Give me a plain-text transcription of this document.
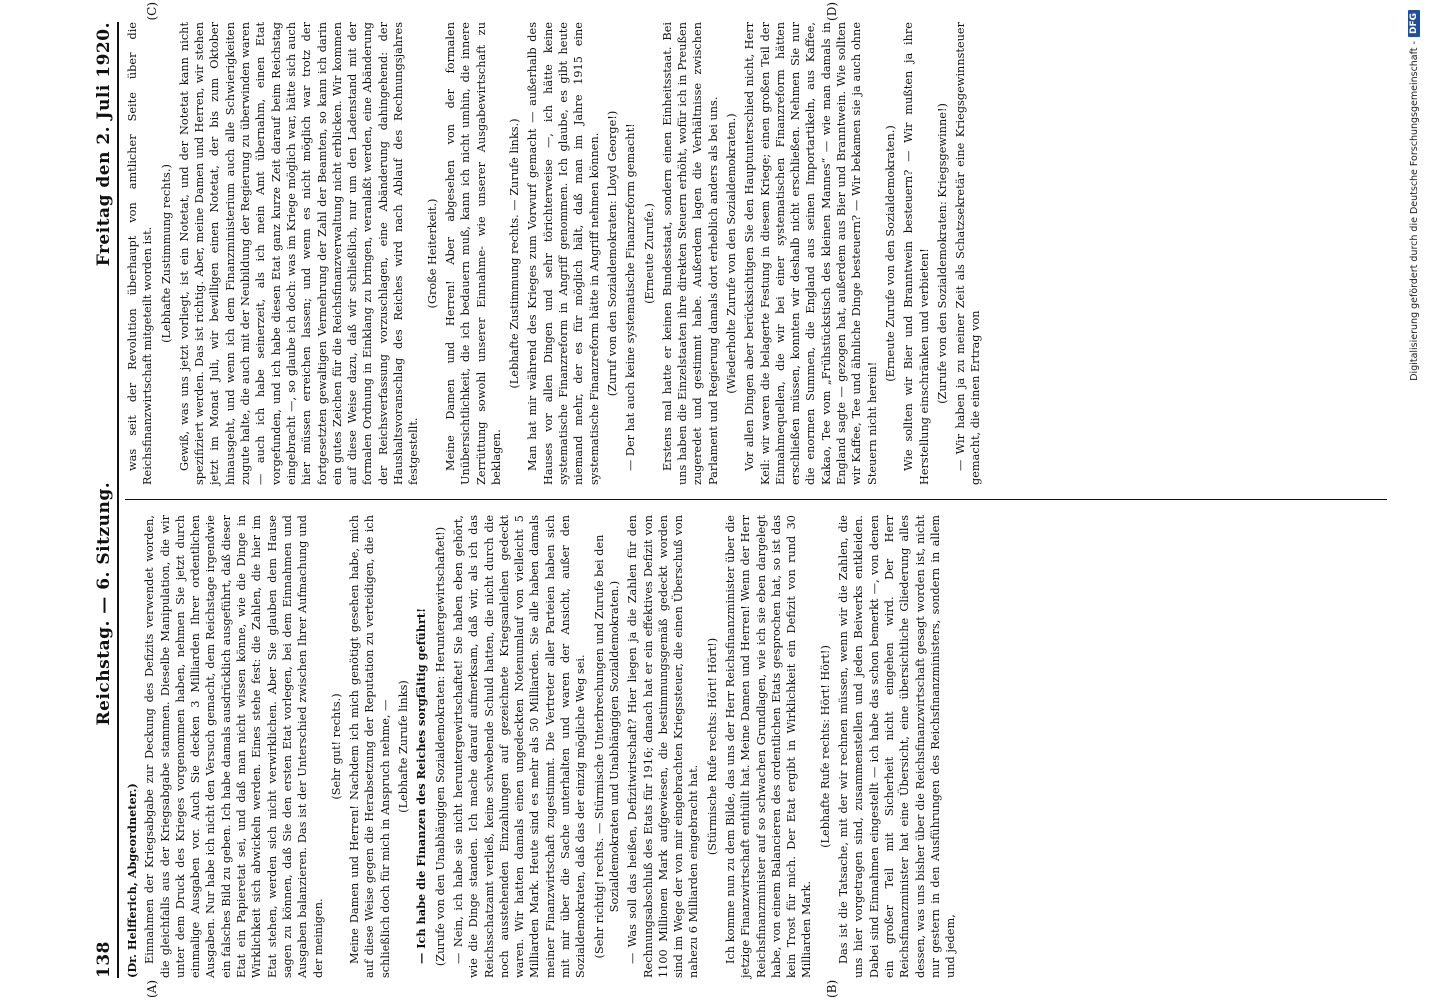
138
Reichstag. — 6. Sitzung.
Freitag den 2. Juli 1920.
(A)	(B)

(Dr. Helfferich, Abgeordneter.) Einnahmen der Kriegsabgabe zur Deckung des Defizits verwendet worden, die gleichfalls aus der Kriegsabgabe stammen. Dieselbe Manipulation, die wir unter dem Druck des Krieges vorgenommen haben, nehmen Sie jetzt durch einmalige Ausgaben vor. Auch Sie decken 3 Milliarden Ihrer ordentlichen Ausgaben. Nur habe ich nicht den Versuch gemacht, dem Reichstage irgendwie ein falsches Bild zu geben. Ich habe damals ausdrücklich ausgeführt, daß dieser Etat ein Papieretat sei, und daß man nicht wissen könne, wie die Dinge in Wirklichkeit sich abwickeln werden. Eines stehe fest: die Zahlen, die hier im Etat stehen, werden sich nicht verwirklichen. Aber Sie glauben dem Hause sagen zu können, daß Sie den ersten Etat vorlegen, bei dem Einnahmen und Ausgaben balanzieren. Das ist der Unterschied zwischen Ihrer Aufmachung und der meinigen.

(Sehr gut! rechts.) Meine Damen und Herren! Nachdem ich mich genötigt gesehen habe, mich auf diese Weise gegen die Herabsetzung der Reputation zu verteidigen, die ich schließlich doch für mich in Anspruch nehme, — (Lebhafte Zurufe links) — Ich habe die Finanzen des Reiches sorgfältig geführt! (Zurufe von den Unabhängigen Sozialdemokraten: Heruntergewirtschaftet!) — Nein, ich habe sie nicht heruntergewirtschaftet! Sie haben eben gehört, wie die Dinge standen. Ich mache darauf aufmerksam, daß wir, als ich das Reichsschatzamt verließ, keine schwebende Schuld hatten, die nicht durch die noch ausstehenden Einzahlungen auf gezeichnete Kriegsanleihen gedeckt waren. Wir hatten damals einen ungedeckten Notenumlauf von vielleicht 5 Milliarden Mark. Heute sind es mehr als 50 Milliarden. Sie alle haben damals meiner Finanzwirtschaft zugestimmt. Die Vertreter aller Parteien haben sich mit mir über die Sache unterhalten und waren der Ansicht, außer den Sozialdemokraten, daß das der einzig mögliche Weg sei. (Sehr richtig! rechts. — Stürmische Unterbrechungen und Zurufe bei den Sozialdemokraten und Unabhängigen Sozialdemokraten.) — Was soll das heißen, Defizitwirtschaft? Hier liegen ja die Zahlen für den Rechnungsabschluß des Etats für 1916; danach hat er ein effektives Defizit von 1100 Millionen Mark aufgewiesen, die bestimmungsgemäß gedeckt worden sind im Wege der von mir eingebrachten Kriegssteuer, die einen Überschuß von nahezu 6 Milliarden eingebracht hat.

(Stürmische Rufe rechts: Hört! Hört!) Ich komme nun zu dem Bilde, das uns der Herr Reichsfinanzminister über die jetzige Finanzwirtschaft enthüllt hat. Meine Damen und Herren! Wenn der Herr Reichsfinanzminister auf so schwachen Grundlagen, wie ich sie eben dargelegt habe, von einem Balancieren des ordentlichen Etats gesprochen hat, so ist das kein Trost für mich. Der Etat ergibt in Wirklichkeit ein Defizit von rund 30 Milliarden Mark.

(Lebhafte Rufe rechts: Hört! Hört!) Das ist die Tatsache, mit der wir rechnen müssen, wenn wir die Zahlen, die uns hier vorgetragen sind, zusammenstellen und jeden Beiwerks entkleiden. Dabei sind Einnahmen eingestellt — ich habe das schon bemerkt —, von denen ein großer Teil mit Sicherheit nicht eingehen wird. Der Herr Reichsfinanzminister hat eine Übersicht, eine übersichtliche Gliederung alles dessen, was uns bisher über die Reichsfinanzwirtschaft gesagt worden ist, nicht nur gestern in den Ausführungen des Reichsfinanzministers, sondern in allem und jedem,

(C)	(D)

was seit der Revolution überhaupt von amtlicher Seite über die Reichsfinanzwirtschaft mitgeteilt worden ist. (Lebhafte Zustimmung rechts.) Gewiß, was uns jetzt vorliegt, ist ein Notetat, und der Notetat kann nicht spezifiziert werden. Das ist richtig. Aber, meine Damen und Herren, wir stehen jetzt im Monat Juli, wir bewilligen einen Notetat, der bis zum Oktober hinausgeht, und wenn ich dem Finanzministerium auch alle Schwierigkeiten zugute halte, die auch mit der Neubildung der Regierung zu überwinden waren — auch ich habe seinerzeit, als ich mein Amt übernahm, einen Etat vorgefunden, und ich habe diesen Etat ganz kurze Zeit darauf beim Reichstag eingebracht —, so glaube ich doch: was im Kriege möglich war, hätte sich auch hier müssen erreichen lassen; und wenn es nicht möglich war trotz der fortgesetzten gewaltigen Vermehrung der Zahl der Beamten, so kann ich darin ein gutes Zeichen für die Reichsfinanzverwaltung nicht erblicken. Wir kommen auf diese Weise dazu, daß wir schließlich, nur um den Ladenstand mit der formalen Ordnung in Einklang zu bringen, veranlaßt werden, eine Abänderung der Reichsverfassung vorzuschlagen, eine Abänderung dahingehend: der Haushaltsvoranschlag des Reiches wird nach Ablauf des Rechnungsjahres festgestellt.

(Große Heiterkeit.) Meine Damen und Herren! Aber abgesehen von der formalen Unübersichtlichkeit, die ich bedauern muß, kann ich nicht umhin, die innere Zerrüttung sowohl unserer Einnahme- wie unserer Ausgabewirtschaft zu beklagen.

(Lebhafte Zustimmung rechts. — Zurufe links.) Man hat mir während des Krieges zum Vorwurf gemacht — außerhalb des Hauses vor allen Dingen und sehr törichterweise —, ich hätte keine systematische Finanzreform in Angriff genommen. Ich glaube, es gibt heute niemand mehr, der es für möglich hält, daß man im Jahre 1915 eine systematische Finanzreform hätte in Angriff nehmen können. (Zuruf von den Sozialdemokraten: Lloyd George!) — Der hat auch keine systematische Finanzreform gemacht! (Erneute Zurufe.) Erstens mal hatte er keinen Bundesstaat, sondern einen Einheitsstaat. Bei uns haben die Einzelstaaten ihre direkten Steuern erhöht, wofür ich in Preußen zugeredet und gestimmt habe. Außerdem lagen die Verhältnisse zwischen Parlament und Regierung damals dort erheblich anders als bei uns. (Wiederholte Zurufe von den Sozialdemokraten.) Vor allen Dingen aber berücksichtigen Sie den Hauptunterschied nicht, Herr Keil: wir waren die belagerte Festung in diesem Kriege; einen großen Teil der Einnahmequellen, die wir bei einer systematischen Finanzreform hätten erschließen müssen, konnten wir deshalb nicht erschließen. Nehmen Sie nur die enormen Summen, die England aus seinen Importartikeln, aus Kaffee, Kakao, Tee vom „Frühstückstisch des kleinen Mannes“ — wie man damals in England sagte — gezogen hat, außerdem aus Bier und Branntwein. Wie sollten wir Kaffee, Tee und ähnliche Dinge besteuern? — Wir bekamen sie ja auch ohne Steuern nicht herein!

(Erneute Zurufe von den Sozialdemokraten.) Wie sollten wir Bier und Branntwein besteuern? — Wir mußten ja ihre Herstellung einschränken und verbieten! (Zurufe von den Sozialdemokraten: Kriegsgewinne!) — Wir haben ja zu meiner Zeit als Schatzsekretär eine Kriegsgewinnsteuer gemacht, die einen Ertrag von

Digitalisierung gefördert durch die Deutsche Forschungsgemeinschaft -
DFG
